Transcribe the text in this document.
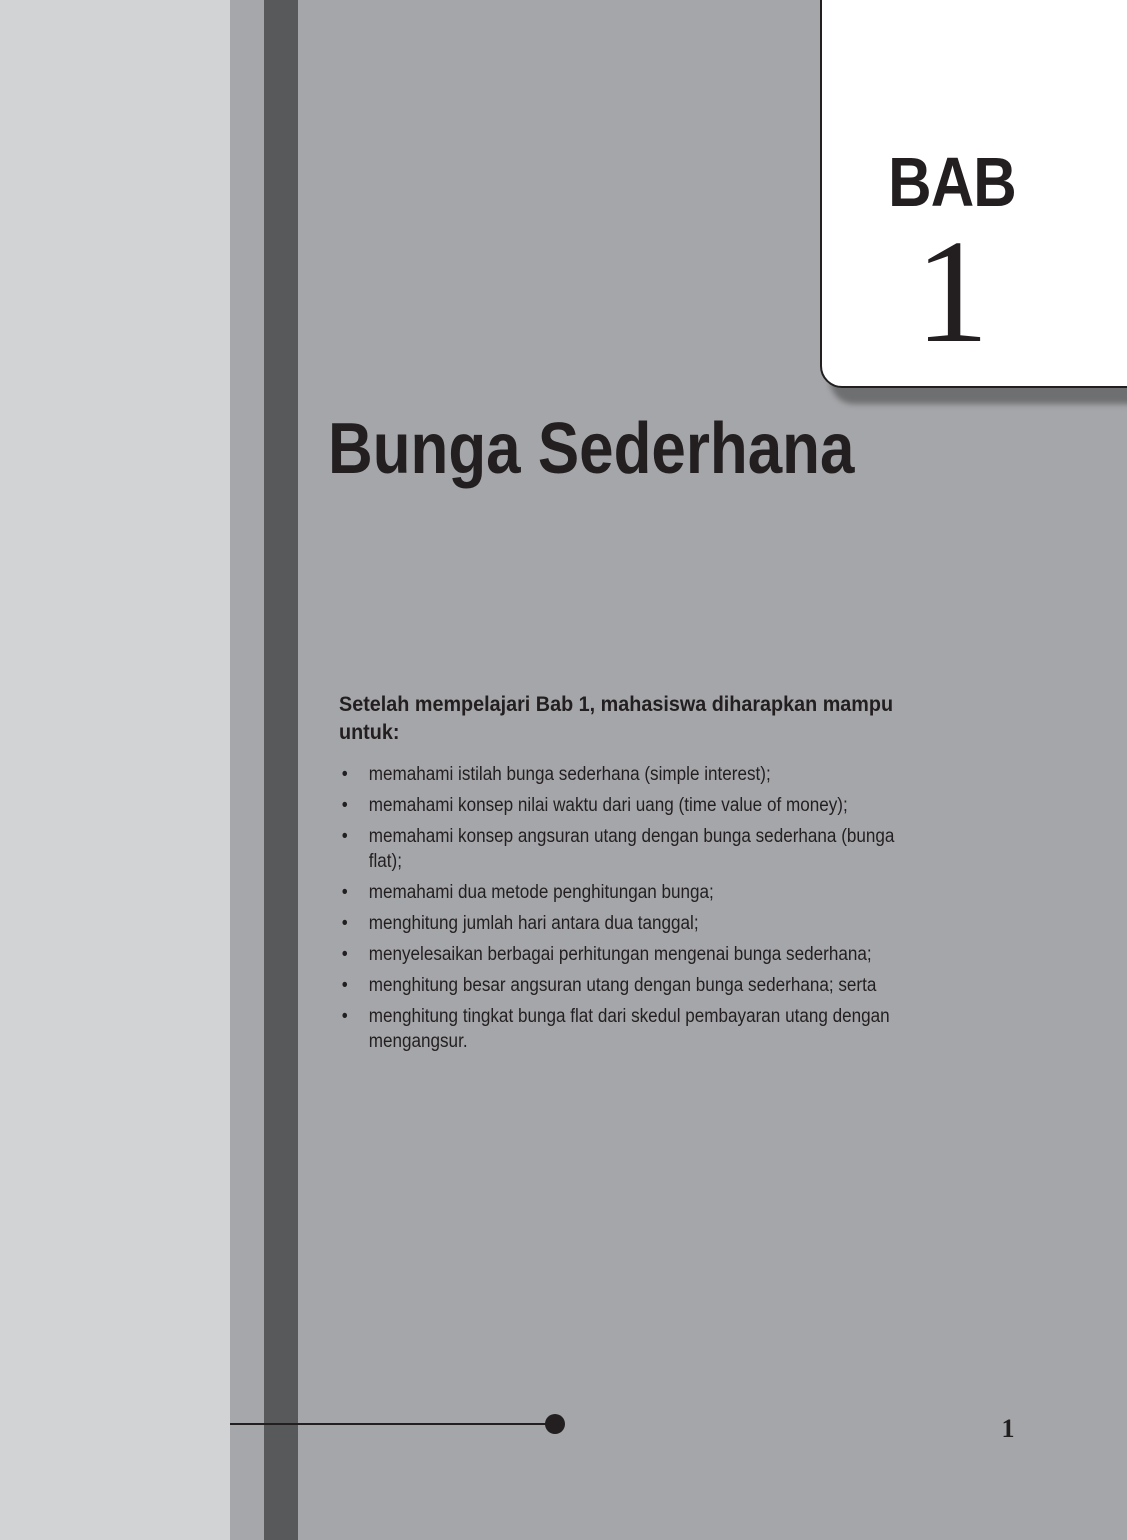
BAB
1
Bunga Sederhana

Setelah mempelajari Bab 1, mahasiswa diharapkan mampu untuk:

• memahami istilah bunga sederhana (simple interest);
• memahami konsep nilai waktu dari uang (time value of money);
• memahami konsep angsuran utang dengan bunga sederhana (bunga flat);
• memahami dua metode penghitungan bunga;
• menghitung jumlah hari antara dua tanggal;
• menyelesaikan berbagai perhitungan mengenai bunga sederhana;
• menghitung besar angsuran utang dengan bunga sederhana; serta
• menghitung tingkat bunga flat dari skedul pembayaran utang dengan mengangsur.
1
